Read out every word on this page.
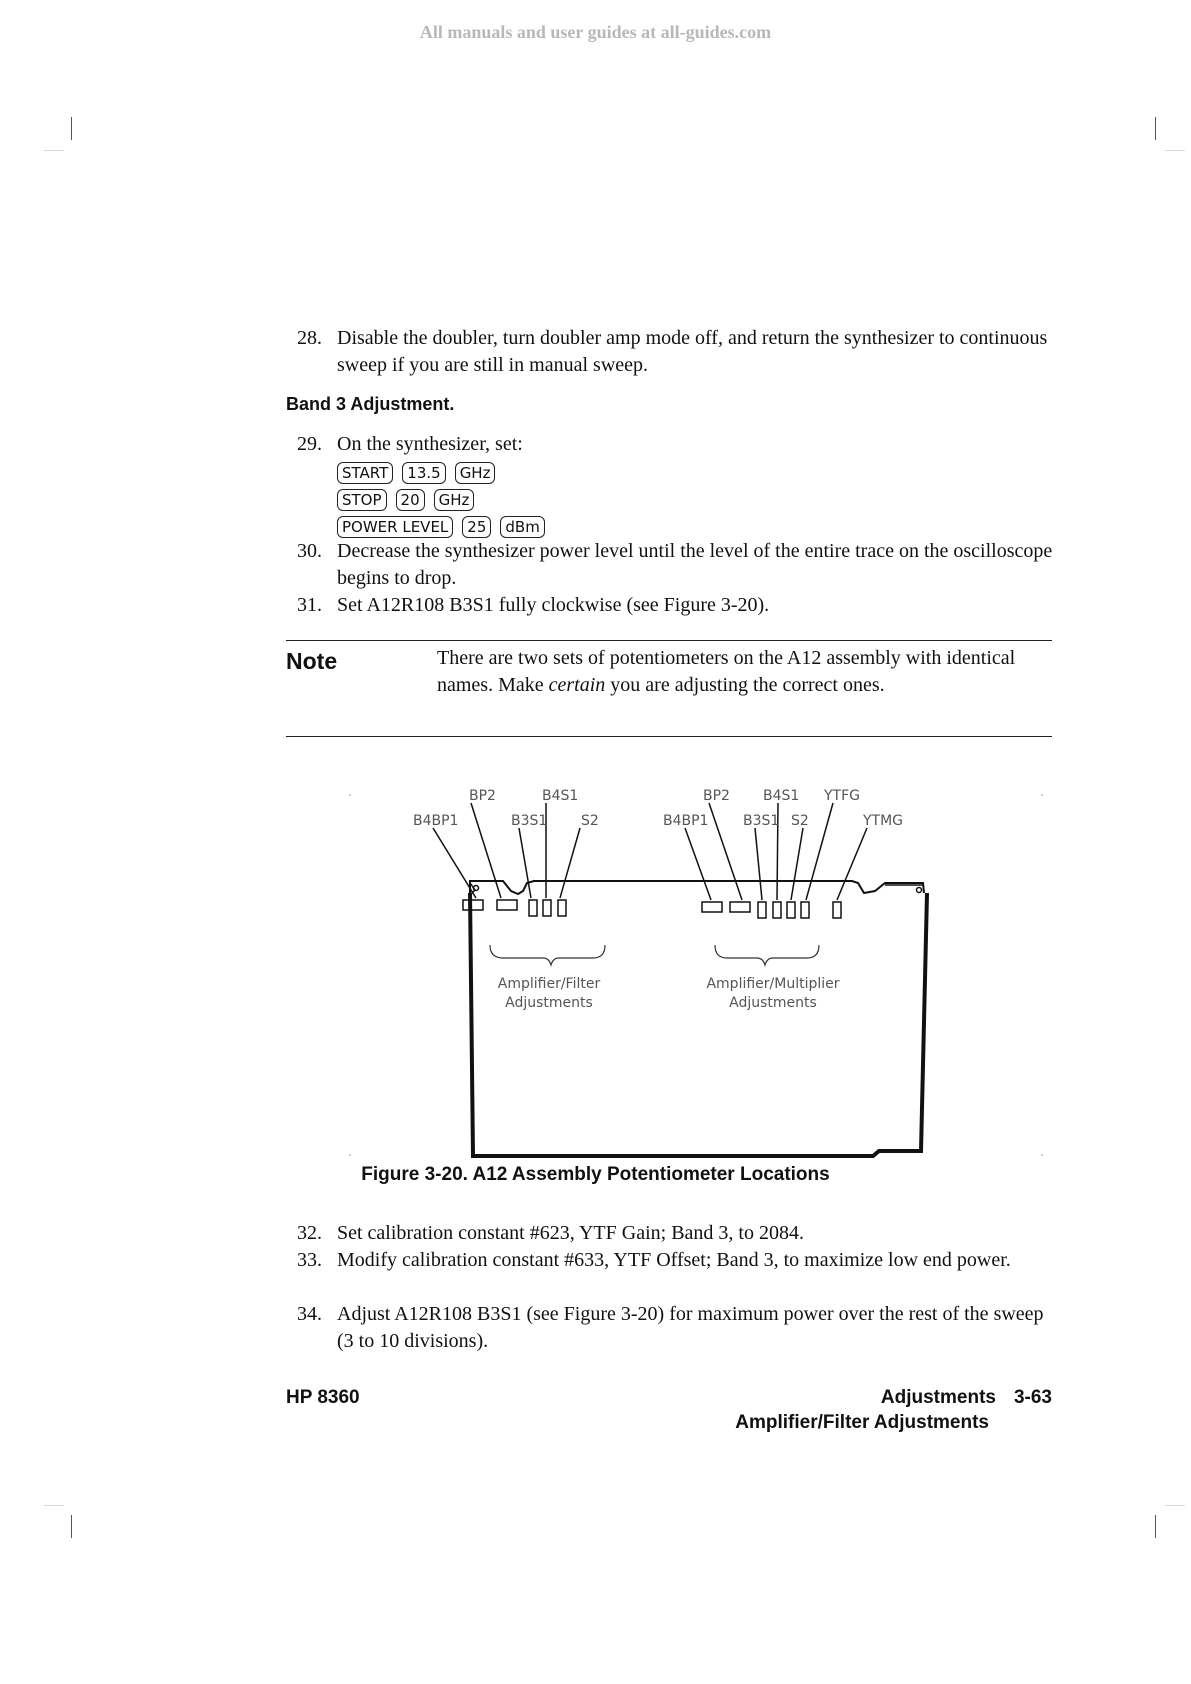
All manuals and user guides at all-guides.com
28. Disable the doubler, turn doubler amp mode off, and return the synthesizer to continuous sweep if you are still in manual sweep.
Band 3 Adjustment.
29. On the synthesizer, set:
START 13.5 GHz
STOP 20 GHz
POWER LEVEL 25 dBm
30. Decrease the synthesizer power level until the level of the entire trace on the oscilloscope begins to drop.
31. Set A12R108 B3S1 fully clockwise (see Figure 3-20).
Note	There are two sets of potentiometers on the A12 assembly with identical names. Make certain you are adjusting the correct ones.
BP2	B4S1
B4BP1	B3S1 S2
BP2 B4S1 YTFG
B4BP1 B3S1 S2	YTMG
Amplifier/Filter
Adjustments
Amplifier/Multiplier
Adjustments
Figure 3-20. A12 Assembly Potentiometer Locations
32. Set calibration constant #623, YTF Gain; Band 3, to 2084.
33. Modify calibration constant #633, YTF Offset; Band 3, to maximize low end power.
34. Adjust A12R108 B3S1 (see Figure 3-20) for maximum power over the rest of the sweep (3 to 10 divisions).
HP 8360	Adjustments 3-63
Amplifier/Filter Adjustments
